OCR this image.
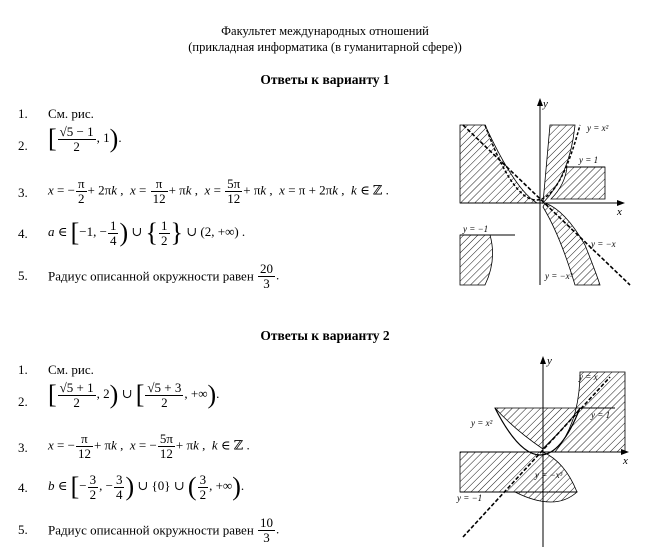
Факультет международных отношений
(прикладная информатика (в гуманитарной сфере))
Ответы к варианту 1
1. См. рис.
2. [ $\frac{√5 - 1}{2}$ , 1).
3. x = − $\frac{\pi}{2} + 2\pi k$ ,  $x = \frac{\pi}{12} + \pi k$ ,  $x = \frac{5\pi}{12} + \pi k$ ,  x = π + 2πk ,  k ∈ ℤ .
4. a ∈ [−1, − $\frac{1}{4}$ ) ∪ { $\frac{1}{2}$ } ∪ (2, +∞) .
5. Радиус описанной окружности равен $\frac{20}{3}$ .
y
x
y = x²
y = 1
y = −1
y = −x
y = −x³
Ответы к варианту 2
1. См. рис.
2. [ $\frac{√5 + 1}{2}$ , 2) ∪ [ $\frac{√5 + 3}{2}$ , +∞).
3. x = − $\frac{\pi}{12} + \pi k$ ,  x = − $\frac{5\pi}{12} + \pi k$ ,  k ∈ ℤ .
4. b ∈ [− $\frac{3}{2}$ , − $\frac{3}{4}$ ) ∪ {0} ∪ ( $\frac{3}{2}$ , +∞).
5. Радиус описанной окружности равен $\frac{10}{3}$ .
y
x
y = x
y = 1
y = x²
y = −x³
y = −1
